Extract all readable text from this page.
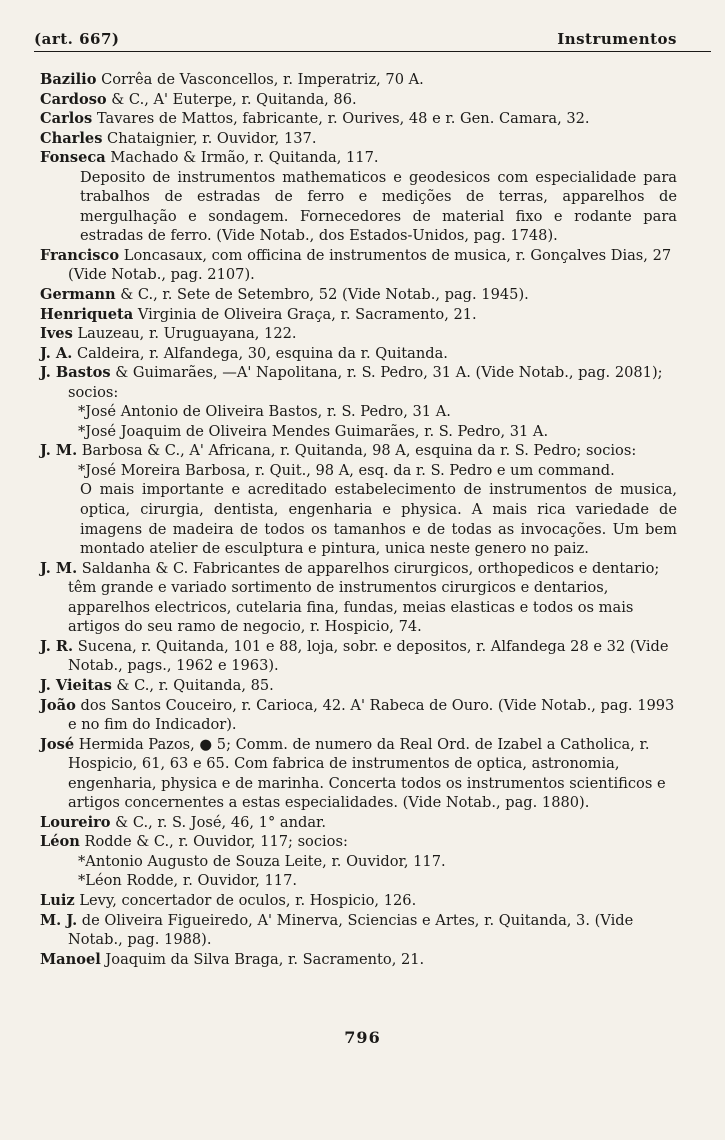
(art. 667)	Instrumentos

Bazilio Corrêa de Vasconcellos, r. Imperatriz, 70 A.

Cardoso & C., A' Euterpe, r. Quitanda, 86.

Carlos Tavares de Mattos, fabricante, r. Ourives, 48 e r. Gen. Camara, 32.

Charles Chataignier, r. Ouvidor, 137.

Fonseca Machado & Irmão, r. Quitanda, 117.

Deposito de instrumentos mathematicos e geodesicos com especialidade para trabalhos de estradas de ferro e medições de terras, apparelhos de mergulhação e sondagem. Fornecedores de material fixo e rodante para estradas de ferro. (Vide Notab., dos Estados-Unidos, pag. 1748).

Francisco Loncasaux, com officina de instrumentos de musica, r. Gonçalves Dias, 27 (Vide Notab., pag. 2107).

Germann & C., r. Sete de Setembro, 52 (Vide Notab., pag. 1945).

Henriqueta Virginia de Oliveira Graça, r. Sacramento, 21.

Ives Lauzeau, r. Uruguayana, 122.

J. A. Caldeira, r. Alfandega, 30, esquina da r. Quitanda.

J. Bastos & Guimarães, —A' Napolitana, r. S. Pedro, 31 A. (Vide Notab., pag. 2081); socios:

*José Antonio de Oliveira Bastos, r. S. Pedro, 31 A.

*José Joaquim de Oliveira Mendes Guimarães, r. S. Pedro, 31 A.

J. M. Barbosa & C., A' Africana, r. Quitanda, 98 A, esquina da r. S. Pedro; socios:

*José Moreira Barbosa, r. Quit., 98 A, esq. da r. S. Pedro e um command.

O mais importante e acreditado estabelecimento de instrumentos de musica, optica, cirurgia, dentista, engenharia e physica. A mais rica variedade de imagens de madeira de todos os tamanhos e de todas as invocações. Um bem montado atelier de esculptura e pintura, unica neste genero no paiz.

J. M. Saldanha & C. Fabricantes de apparelhos cirurgicos, orthopedicos e dentario; têm grande e variado sortimento de instrumentos cirurgicos e dentarios, apparelhos electricos, cutelaria fina, fundas, meias elasticas e todos os mais artigos do seu ramo de negocio, r. Hospicio, 74.

J. R. Sucena, r. Quitanda, 101 e 88, loja, sobr. e depositos, r. Alfandega 28 e 32 (Vide Notab., pags., 1962 e 1963).

J. Vieitas & C., r. Quitanda, 85.

João dos Santos Couceiro, r. Carioca, 42. A' Rabeca de Ouro. (Vide Notab., pag. 1993 e no fim do Indicador).

José Hermida Pazos, ● 5; Comm. de numero da Real Ord. de Izabel a Catholica, r. Hospicio, 61, 63 e 65. Com fabrica de instrumentos de optica, astronomia, engenharia, physica e de marinha. Concerta todos os instrumentos scientificos e artigos concernentes a estas especialidades. (Vide Notab., pag. 1880).

Loureiro & C., r. S. José, 46, 1° andar.

Léon Rodde & C., r. Ouvidor, 117; socios:

*Antonio Augusto de Souza Leite, r. Ouvidor, 117.

*Léon Rodde, r. Ouvidor, 117.

Luiz Levy, concertador de oculos, r. Hospicio, 126.

M. J. de Oliveira Figueiredo, A' Minerva, Sciencias e Artes, r. Quitanda, 3. (Vide Notab., pag. 1988).

Manoel Joaquim da Silva Braga, r. Sacramento, 21.

796
